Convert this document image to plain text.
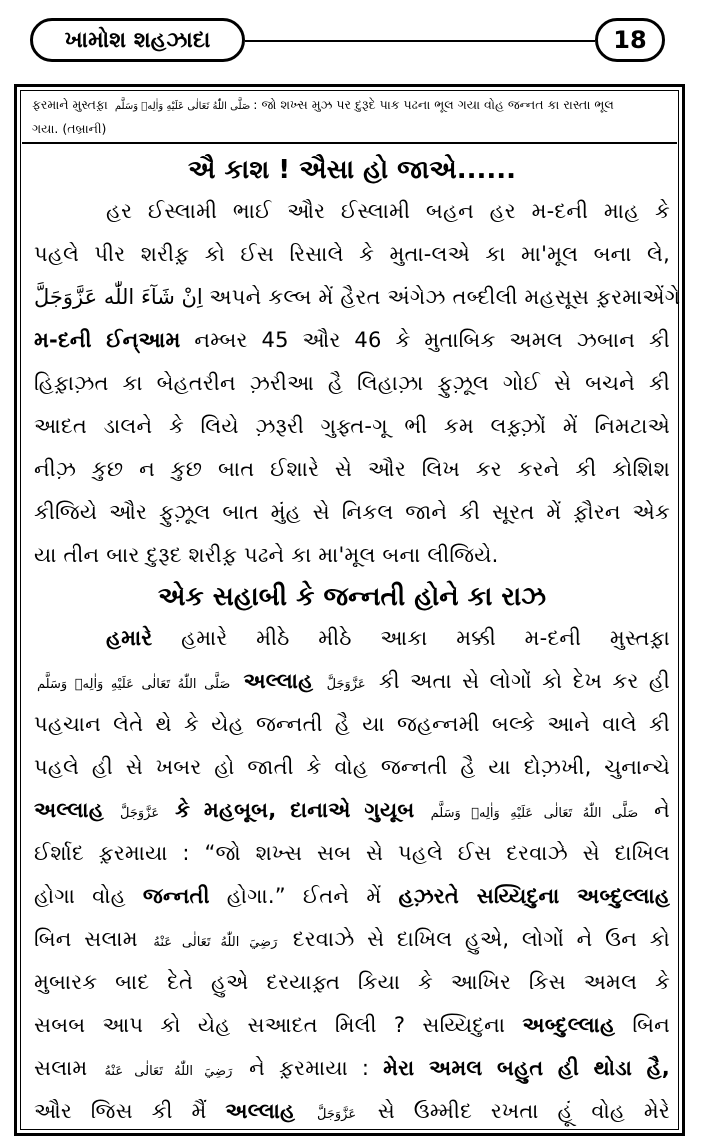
ખામોશ શહઝાદા	18
ફરમાને મુસ્તફ઼ા صَلَّى اللّٰهُ تَعَالٰى عَلَيْهِ وَاٰلِهٖ وَسَلَّم : જો શખ્સ મુઝ પર દુરૂદે પાક પઢના ભૂલ ગયા વોહ જન્નત કા રાસ્તા ભૂલ
ગયા. (તબ્રાની)
ઐ કાશ ! ઐસા હો જાએ......
હર ઈસ્લામી ભાઈ ઔર ઈસ્લામી બહન હર મ-દની માહ કે
પહલે પીર શરીફ઼ કો ઈસ રિસાલે કે મુતા-લએ કા મા'મૂલ બના લે,
اِنْ شَآءَ اللّٰه عَزَّوَجَلَّ અપને કલ્બ મેં હૈરત અંગેઝ તબ્દીલી મહસૂસ ફ઼રમાએંગે.
મ-દની ઈન્આમ નમ્બર 45 ઔર 46 કે મુતાબિક અમલ ઝબાન કી
હિફ઼ાઝ઼ત કા બેહતરીન ઝ઼રીઆ હૈ લિહાઝ઼ા ફુઝ઼ૂલ ગોઈ સે બચને કી
આદત ડાલને કે લિયે ઝ઼રૂરી ગુફ્ત-ગૂ ભી કમ લફ઼્ઝ઼ોં મેં નિમટાએ
નીઝ઼ કુછ ન કુછ બાત ઈશારે સે ઔર લિખ કર કરને કી કોશિશ
કીજિયે ઔર ફુઝ઼ૂલ બાત મુંહ સે નિકલ જાને કી સૂરત મેં ફ઼ૌરન એક
યા તીન બાર દુરૂદ શરીફ઼ પઢને કા મા'મૂલ બના લીજિયે.
એક સહાબી કે જન્નતી હોને કા રાઝ
હમારે હમારે મીઠે મીઠે આકા મક્કી મ-દની મુસ્તફ઼ા
صَلَّى اللّٰهُ تَعَالٰى عَلَيْهِ وَاٰلِهٖ وَسَلَّم અલ્લાહ عَزَّوَجَلَّ કી અતા સે લોગોં કો દેખ કર હી
પહચાન લેતે થે કે યેહ જન્નતી હૈ યા જહન્નમી બલ્કે આને વાલે કી
પહલે હી સે ખબર હો જાતી કે વોહ જન્નતી હૈ યા દોઝ઼ખી, ચુનાન્ચે
અલ્લાહ عَزَّوَجَلَّ કે મહબૂબ, દાનાએ ગુયૂબ صَلَّى اللّٰهُ تَعَالٰى عَلَيْهِ وَاٰلِهٖ وَسَلَّم ને
ઈર્શાદ ફ઼રમાયા : “જો શખ્સ સબ સે પહલે ઈસ દરવાઝે સે દાખિલ
હોગા વોહ જન્નતી હોગા.” ઈતને મેં હઝ઼રતે સય્યિદુના અબ્દુલ્લાહ
બિન સલામ رَضِيَ اللّٰهُ تَعَالٰى عَنْهُ દરવાઝે સે દાખિલ હુએ, લોગોં ને ઉન કો
મુબારક બાદ દેતે હુએ દરયાફ઼્ત કિયા કે આખિર કિસ અમલ કે
સબબ આપ કો યેહ સઆદત મિલી ? સય્યિદુના અબ્દુલ્લાહ બિન
સલામ رَضِيَ اللّٰهُ تَعَالٰى عَنْهُ ને ફ઼રમાયા : મેરા અમલ બહુત હી થોડા હૈ,
ઔર જિસ કી મૈં અલ્લાહ عَزَّوَجَلَّ સે ઉમ્મીદ રખતા હૂં વોહ મેરે
